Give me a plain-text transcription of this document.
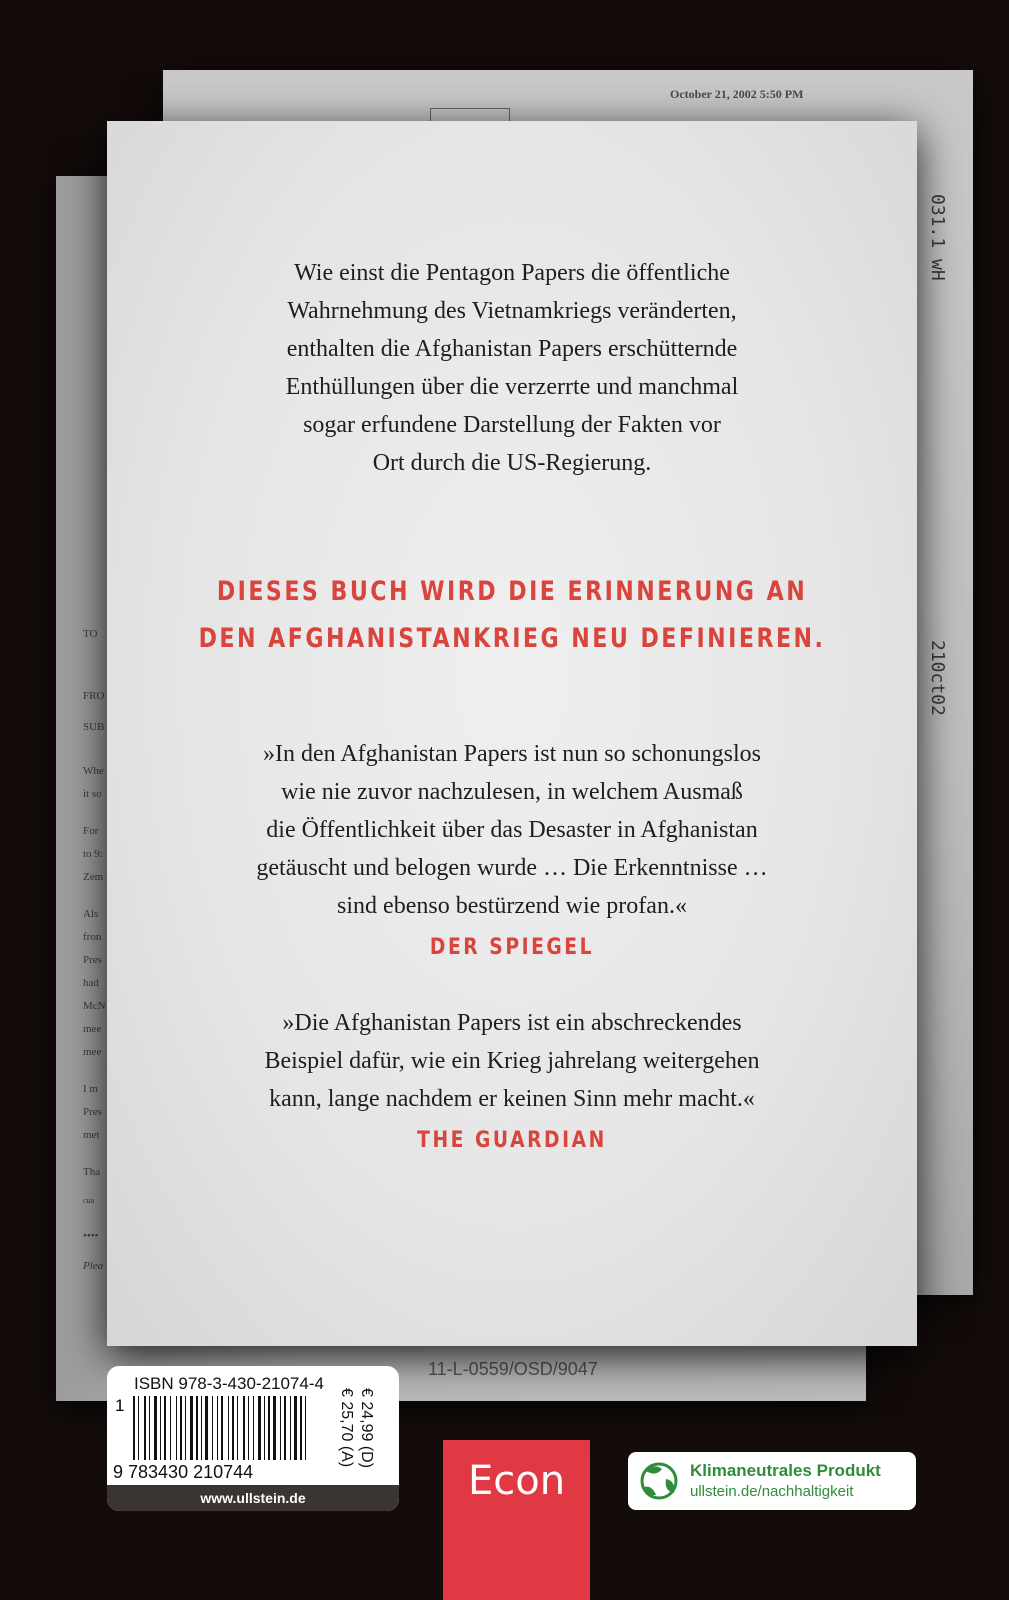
October 21, 2002 5:50 PM
031.1 wH
210ct02
TO
FRO
SUB
Whe
it so
For
to 9:
Zem
Als
fron
Pres
had
McN
mee
mee
I m
Pres
met
Tha
cua
••••
Plea
11-L-0559/OSD/9047
Wie einst die Pentagon Papers die öffentliche
Wahrnehmung des Vietnamkriegs veränderten,
enthalten die Afghanistan Papers erschütternde
Enthüllungen über die verzerrte und manchmal
sogar erfundene Darstellung der Fakten vor
Ort durch die US-Regierung.
DIESES BUCH WIRD DIE ERINNERUNG AN
DEN AFGHANISTANKRIEG NEU DEFINIEREN.
»In den Afghanistan Papers ist nun so schonungslos
wie nie zuvor nachzulesen, in welchem Ausmaß
die Öffentlichkeit über das Desaster in Afghanistan
getäuscht und belogen wurde … Die Erkenntnisse …
sind ebenso bestürzend wie profan.«
DER SPIEGEL
»Die Afghanistan Papers ist ein abschreckendes
Beispiel dafür, wie ein Krieg jahrelang weitergehen
kann, lange nachdem er keinen Sinn mehr macht.«
THE GUARDIAN
ISBN 978-3-430-21074-4
1
9 783430 210744
€ 24,99 (D)
€ 25,70 (A)
www.ullstein.de	Econ	Klimaneutrales Produkt
ullstein.de/nachhaltigkeit
